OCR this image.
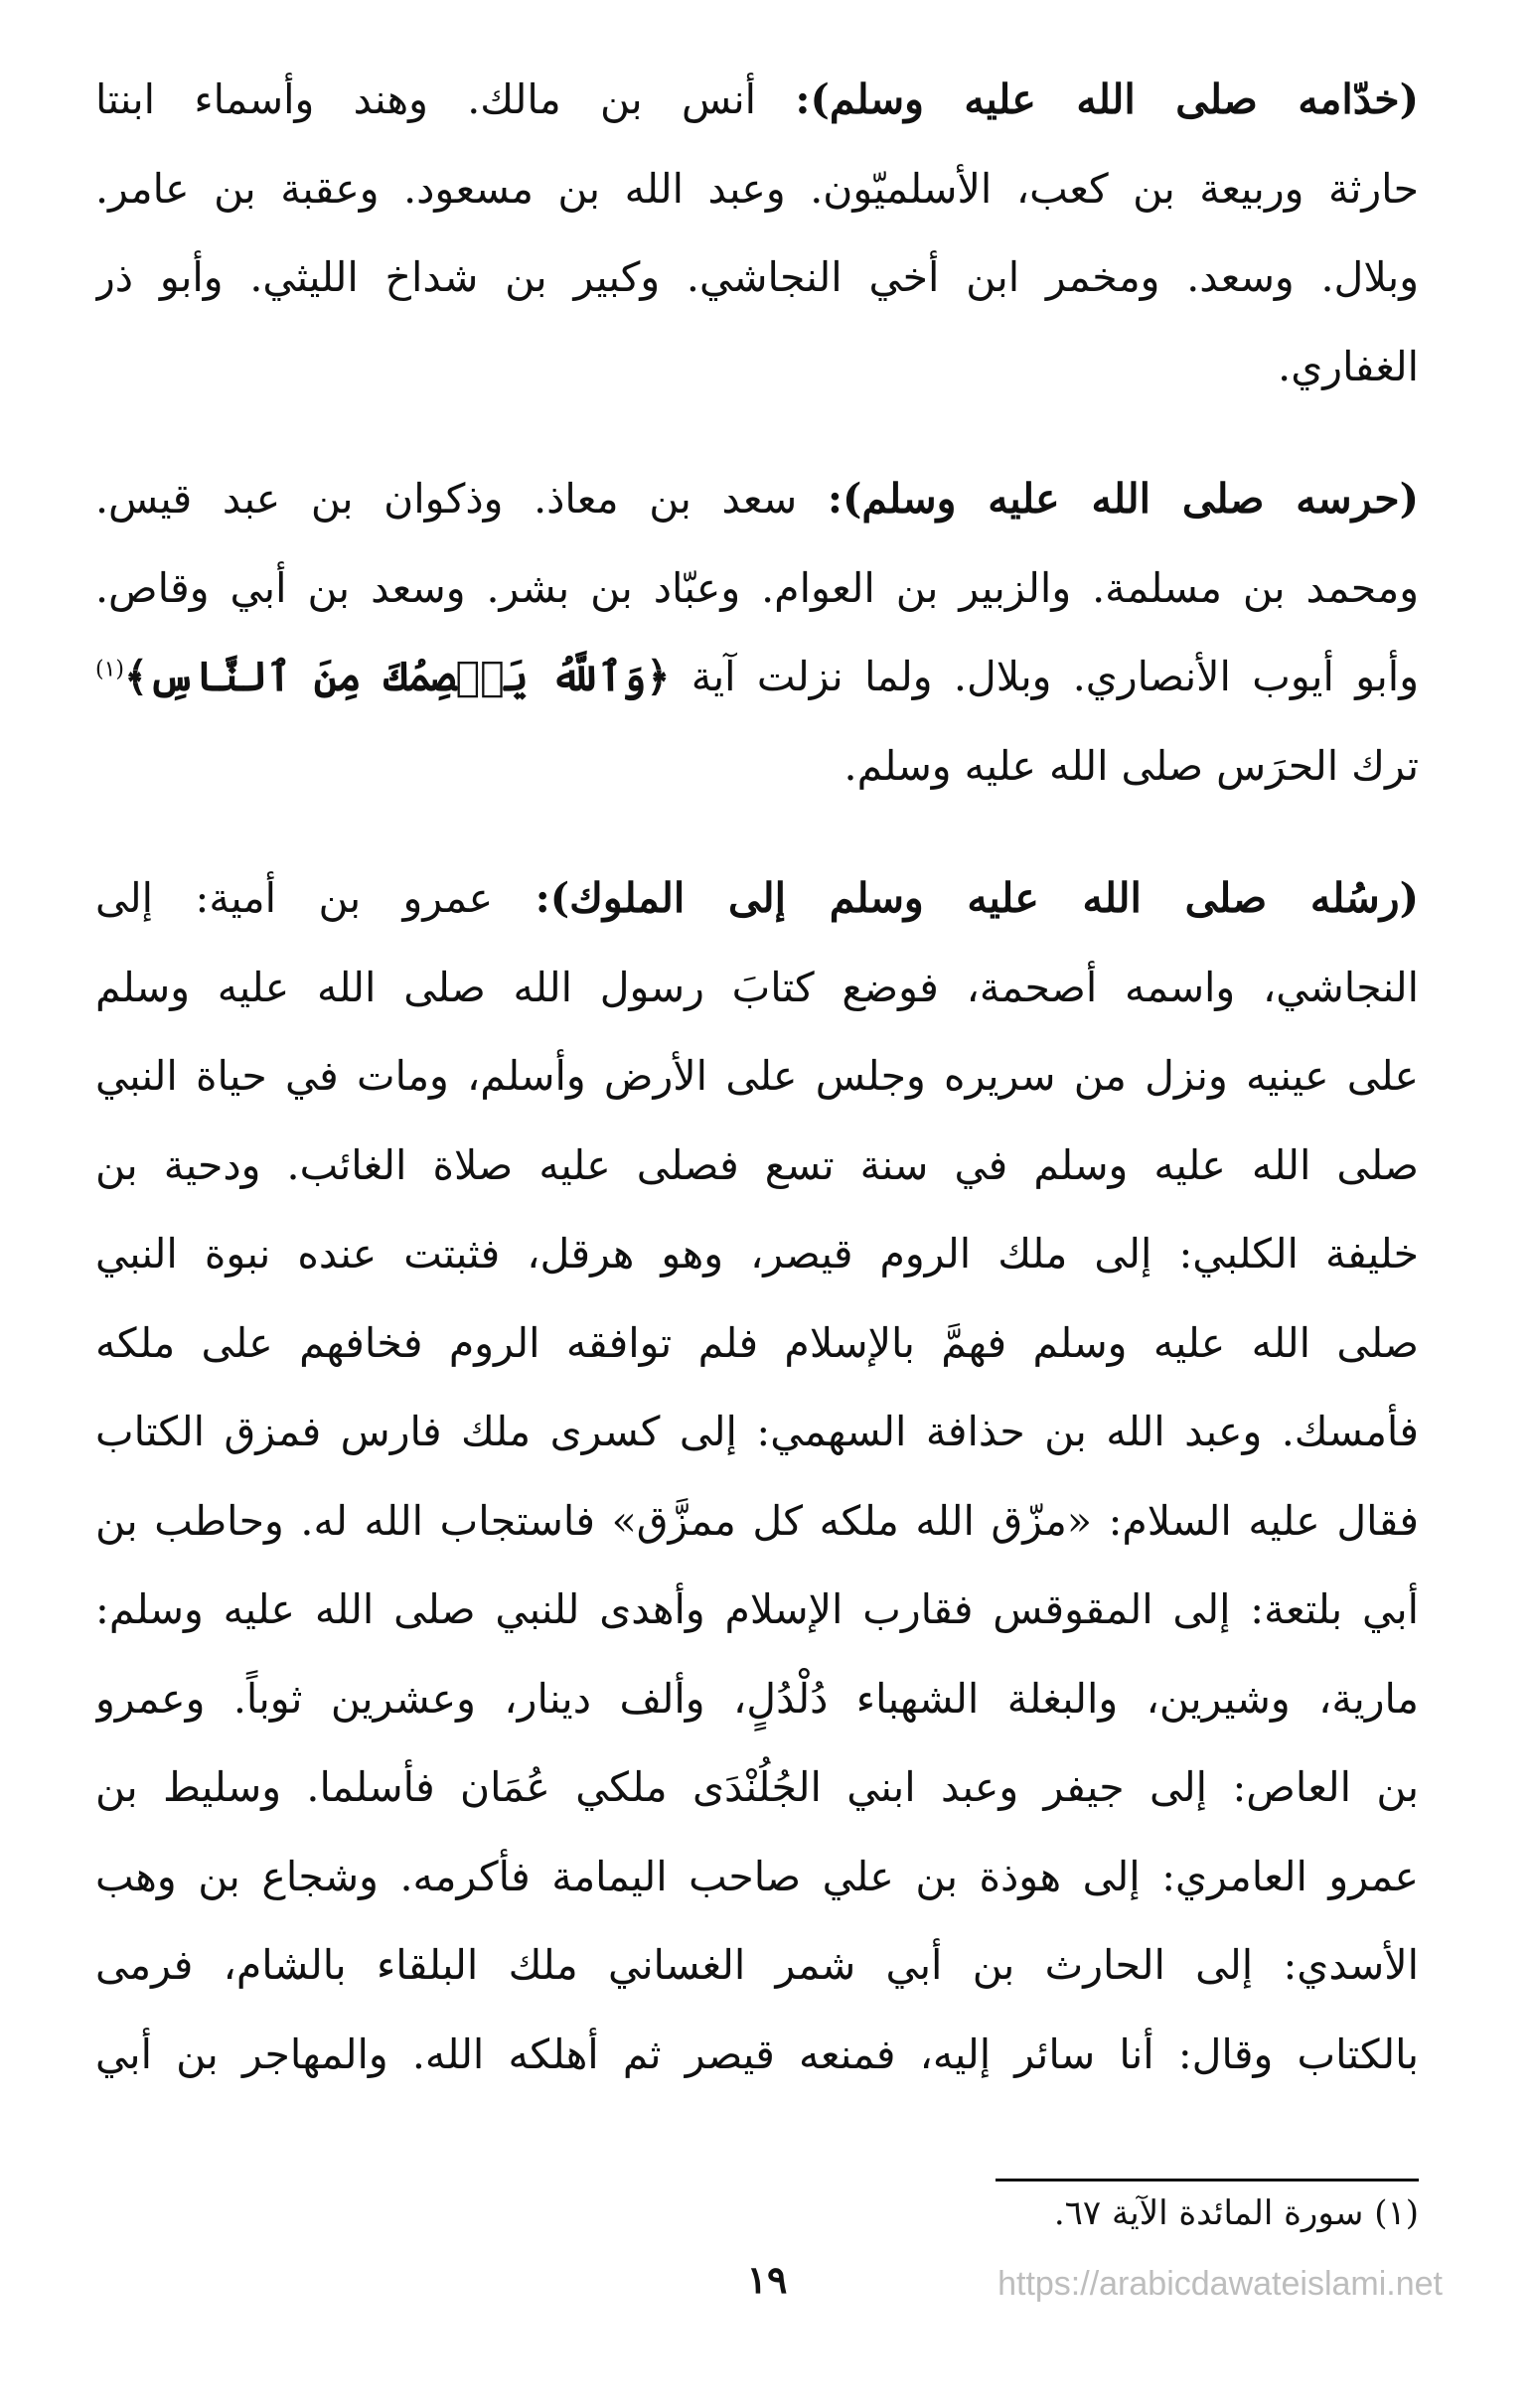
(خدّامه صلى الله عليه وسلم): أنس بن مالك. وهند وأسماء ابنتا
حارثة وربيعة بن كعب، الأسلميّون. وعبد الله بن مسعود. وعقبة بن عامر.
وبلال. وسعد. ومخمر ابن أخي النجاشي. وكبير بن شداخ الليثي. وأبو ذر
الغفاري.
(حرسه صلى الله عليه وسلم): سعد بن معاذ. وذكوان بن عبد قيس.
ومحمد بن مسلمة. والزبير بن العوام. وعبّاد بن بشر. وسعد بن أبي وقاص.
وأبو أيوب الأنصاري. وبلال. ولما نزلت آية ﴿وَٱللَّهُ يَعۡصِمُكَ مِنَ ٱلنَّاسِ﴾$^{(١)}$
ترك الحرَس صلى الله عليه وسلم.
(رسُله صلى الله عليه وسلم إلى الملوك): عمرو بن أمية: إلى
النجاشي، واسمه أصحمة، فوضع كتابَ رسول الله صلى الله عليه وسلم
على عينيه ونزل من سريره وجلس على الأرض وأسلم، ومات في حياة النبي
صلى الله عليه وسلم في سنة تسع فصلى عليه صلاة الغائب. ودحية بن
خليفة الكلبي: إلى ملك الروم قيصر، وهو هرقل، فثبتت عنده نبوة النبي
صلى الله عليه وسلم فهمَّ بالإسلام فلم توافقه الروم فخافهم على ملكه
فأمسك. وعبد الله بن حذافة السهمي: إلى كسرى ملك فارس فمزق الكتاب
فقال عليه السلام: «مزّق الله ملكه كل ممزَّق» فاستجاب الله له. وحاطب بن
أبي بلتعة: إلى المقوقس فقارب الإسلام وأهدى للنبي صلى الله عليه وسلم:
مارية، وشيرين، والبغلة الشهباء دُلْدُلٍ، وألف دينار، وعشرين ثوباً. وعمرو
بن العاص: إلى جيفر وعبد ابني الجُلُنْدَى ملكي عُمَان فأسلما. وسليط بن
عمرو العامري: إلى هوذة بن علي صاحب اليمامة فأكرمه. وشجاع بن وهب
الأسدي: إلى الحارث بن أبي شمر الغساني ملك البلقاء بالشام، فرمى
بالكتاب وقال: أنا سائر إليه، فمنعه قيصر ثم أهلكه الله. والمهاجر بن أبي
(١) سورة المائدة الآية ٦٧.
١٩	https://arabicdawateislami.net
